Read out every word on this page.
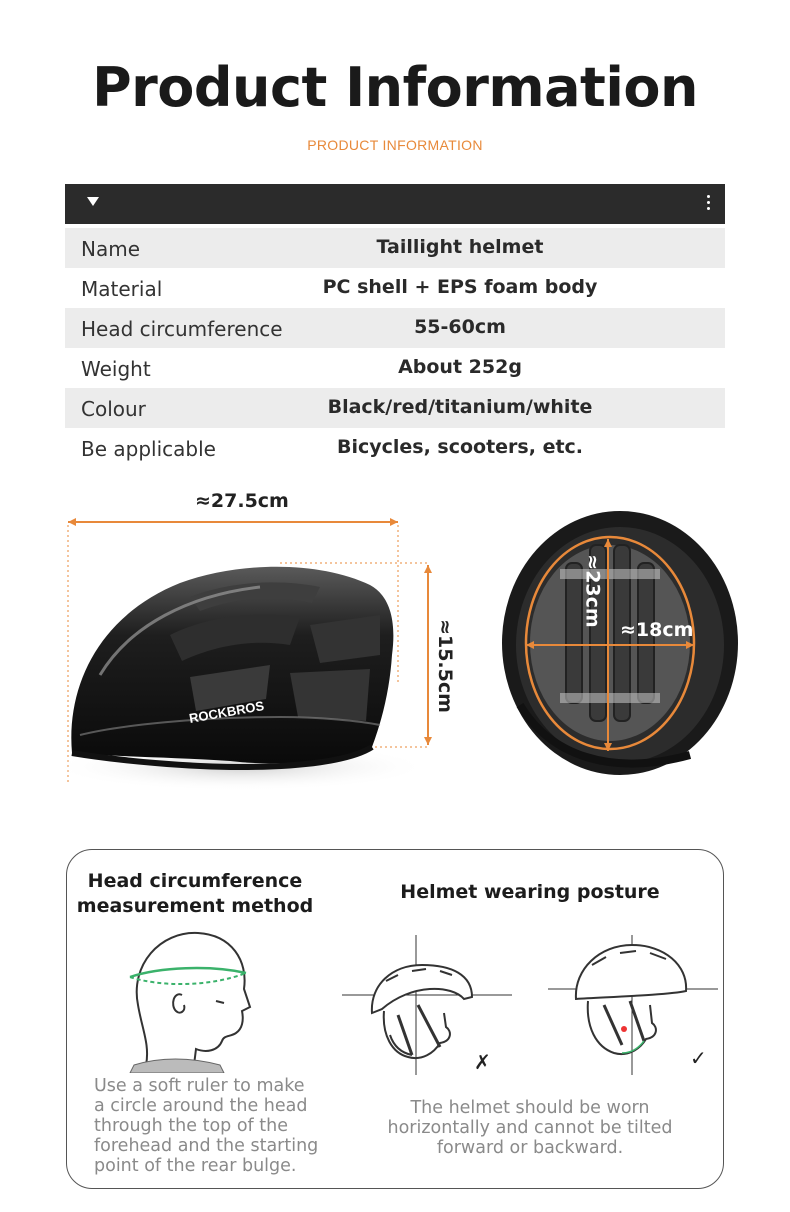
Product Information
PRODUCT INFORMATION
Name	Taillight helmet
Material	PC shell + EPS foam body
Head circumference	55-60cm
Weight	About 252g
Colour	Black/red/titanium/white
Be applicable	Bicycles, scooters, etc.
ROCKBROS
≈27.5cm
≈15.5cm
≈23cm
≈18cm
Head circumference
measurement method
Helmet wearing posture
Use a soft ruler to make
a circle around the head
through the top of the
forehead and the starting
point of the rear bulge.
✗	✓
The helmet should be worn
horizontally and cannot be tilted
forward or backward.
